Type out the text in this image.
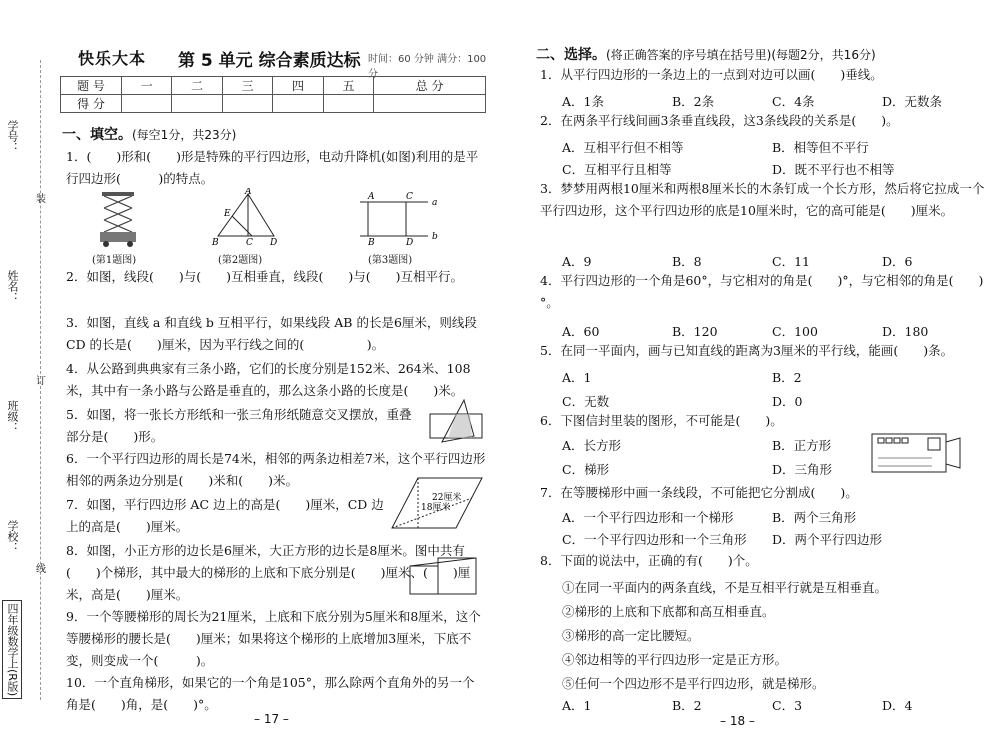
学号：
装
姓名：
订
班级：
学校：
线
四年级数学上(R版)
快乐大本 第 5 单元 综合素质达标 时间：60 分钟 满分：100 分
题 号	一	二	三	四	五	总 分
得 分						
一、填空。(每空1分，共23分)
1．(　　)形和(　　)形是特殊的平行四边形，电动升降机(如图)利用的是平行四边形(　　　)的特点。
(第1题图)
A
E
B	C D
(第2题图)
A	C
a
B	D
b
(第3题图)
2．如图，线段(　　)与(　　)互相垂直，线段(　　)与(　　)互相平行。
3．如图，直线 a 和直线 b 互相平行，如果线段 AB 的长是6厘米，则线段 CD 的长是(　　)厘米，因为平行线之间的(　　　　　)。
4．从公路到典典家有三条小路，它们的长度分别是152米、264米、108米，其中有一条小路与公路是垂直的，那么这条小路的长度是(　　)米。
5．如图，将一张长方形纸和一张三角形纸随意交叉摆放，重叠部分是(　　)形。
6．一个平行四边形的周长是74米，相邻的两条边相差7米，这个平行四边形相邻的两条边分别是(　　)米和(　　)米。
7．如图，平行四边形 AC 边上的高是(　　)厘米，CD 边上的高是(　　)厘米。
18厘米
22厘米
8．如图，小正方形的边长是6厘米，大正方形的边长是8厘米。图中共有(　　)个梯形，其中最大的梯形的上底和下底分别是(　　)厘米、(　　)厘米，高是(　　)厘米。
9．一个等腰梯形的周长为21厘米，上底和下底分别为5厘米和8厘米，这个等腰梯形的腰长是(　　)厘米；如果将这个梯形的上底增加3厘米，下底不变，则变成一个(　　　)。
10．一个直角梯形，如果它的一个角是105°，那么除两个直角外的另一个角是(　　)角，是(　　)°。
– 17 –
二、选择。(将正确答案的序号填在括号里)(每题2分，共16分)
1．从平行四边形的一条边上的一点到对边可以画(　　)垂线。
A．1条	B．2条	C．4条	D．无数条
2．在两条平行线间画3条垂直线段，这3条线段的关系是(　　)。
A．互相平行但不相等	B．相等但不平行
C．互相平行且相等	D．既不平行也不相等
3．梦梦用两根10厘米和两根8厘米长的木条钉成一个长方形，然后将它拉成一个平行四边形，这个平行四边形的底是10厘米时，它的高可能是(　　)厘米。
A．9	B．8	C．11	D．6
4．平行四边形的一个角是60°，与它相对的角是(　　)°，与它相邻的角是(　　)°。
A．60	B．120	C．100	D．180
5．在同一平面内，画与已知直线的距离为3厘米的平行线，能画(　　)条。
A．1	B．2
C．无数	D．0
6．下图信封里装的图形，不可能是(　　)。
A．长方形	B．正方形
C．梯形	D．三角形
7．在等腰梯形中画一条线段，不可能把它分割成(　　)。
A．一个平行四边形和一个梯形	B．两个三角形
C．一个平行四边形和一个三角形 D．两个平行四边形
8．下面的说法中，正确的有(　　)个。
①在同一平面内的两条直线，不是互相平行就是互相垂直。
②梯形的上底和下底都和高互相垂直。
③梯形的高一定比腰短。
④邻边相等的平行四边形一定是正方形。
⑤任何一个四边形不是平行四边形，就是梯形。
A．1	B．2	C．3	D．4
– 18 –
